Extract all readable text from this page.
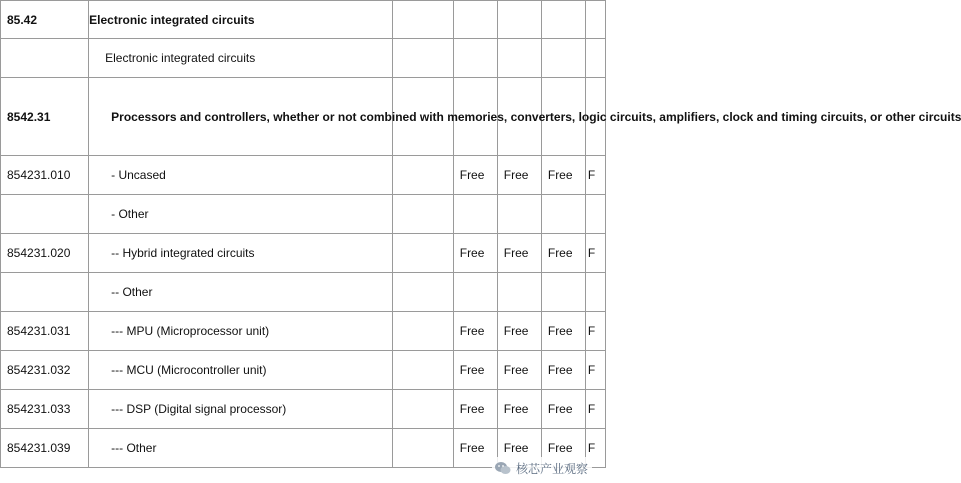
85.42	Electronic integrated circuits					
	Electronic integrated circuits					
8542.31	Processors and controllers, whether or not combined with memories, converters, logic circuits, amplifiers, clock and timing circuits, or other circuits					
854231.010	- Uncased		Free	Free	Free	F
	- Other					
854231.020	-- Hybrid integrated circuits		Free	Free	Free	F
	-- Other					
854231.031	--- MPU (Microprocessor unit)		Free	Free	Free	F
854231.032	--- MCU (Microcontroller unit)		Free	Free	Free	F
854231.033	--- DSP (Digital signal processor)		Free	Free	Free	F
854231.039	--- Other		Free	Free	Free	F
核芯产业观察
